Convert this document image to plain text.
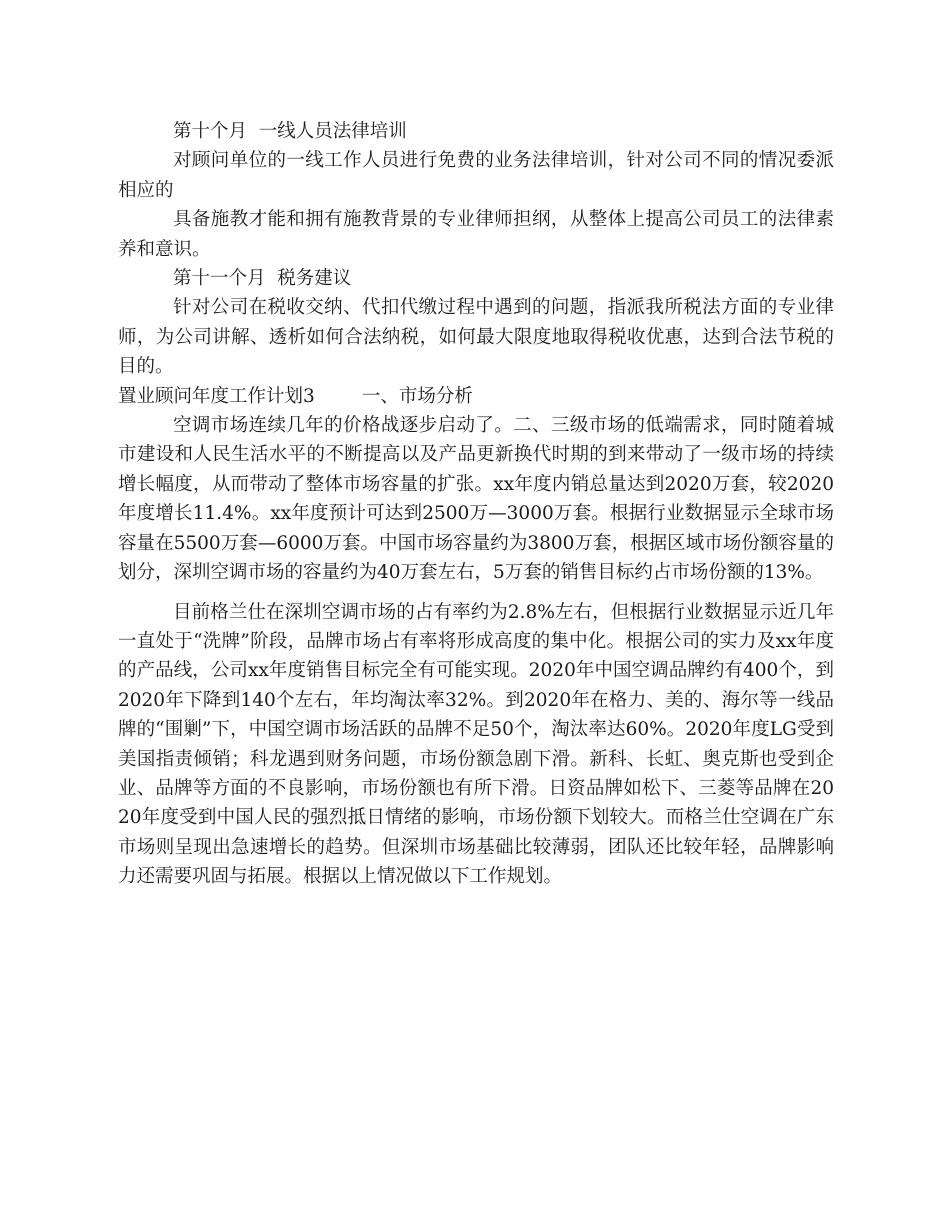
第十个月  一线人员法律培训

对顾问单位的一线工作人员进行免费的业务法律培训，针对公司不同的情况委派相应的

具备施教才能和拥有施教背景的专业律师担纲，从整体上提高公司员工的法律素养和意识。

第十一个月  税务建议

针对公司在税收交纳、代扣代缴过程中遇到的问题，指派我所税法方面的专业律师，为公司讲解、透析如何合法纳税，如何最大限度地取得税收优惠，达到合法节税的目的。

置业顾问年度工作计划3        一、市场分析

空调市场连续几年的价格战逐步启动了。二、三级市场的低端需求，同时随着城市建设和人民生活水平的不断提高以及产品更新换代时期的到来带动了一级市场的持续增长幅度，从而带动了整体市场容量的扩张。xx年度内销总量达到2020万套，较2020年度增长11.4%。xx年度预计可达到2500万—3000万套。根据行业数据显示全球市场容量在5500万套—6000万套。中国市场容量约为3800万套，根据区域市场份额容量的划分，深圳空调市场的容量约为40万套左右，5万套的销售目标约占市场份额的13%。

目前格兰仕在深圳空调市场的占有率约为2.8%左右，但根据行业数据显示近几年一直处于“洗牌”阶段，品牌市场占有率将形成高度的集中化。根据公司的实力及xx年度的产品线，公司xx年度销售目标完全有可能实现。2020年中国空调品牌约有400个，到2020年下降到140个左右，年均淘汰率32%。到2020年在格力、美的、海尔等一线品牌的“围剿”下，中国空调市场活跃的品牌不足50个，淘汰率达60%。2020年度LG受到美国指责倾销；科龙遇到财务问题，市场份额急剧下滑。新科、长虹、奥克斯也受到企业、品牌等方面的不良影响，市场份额也有所下滑。日资品牌如松下、三菱等品牌在2020年度受到中国人民的强烈抵日情绪的影响，市场份额下划较大。而格兰仕空调在广东市场则呈现出急速增长的趋势。但深圳市场基础比较薄弱，团队还比较年轻，品牌影响力还需要巩固与拓展。根据以上情况做以下工作规划。
